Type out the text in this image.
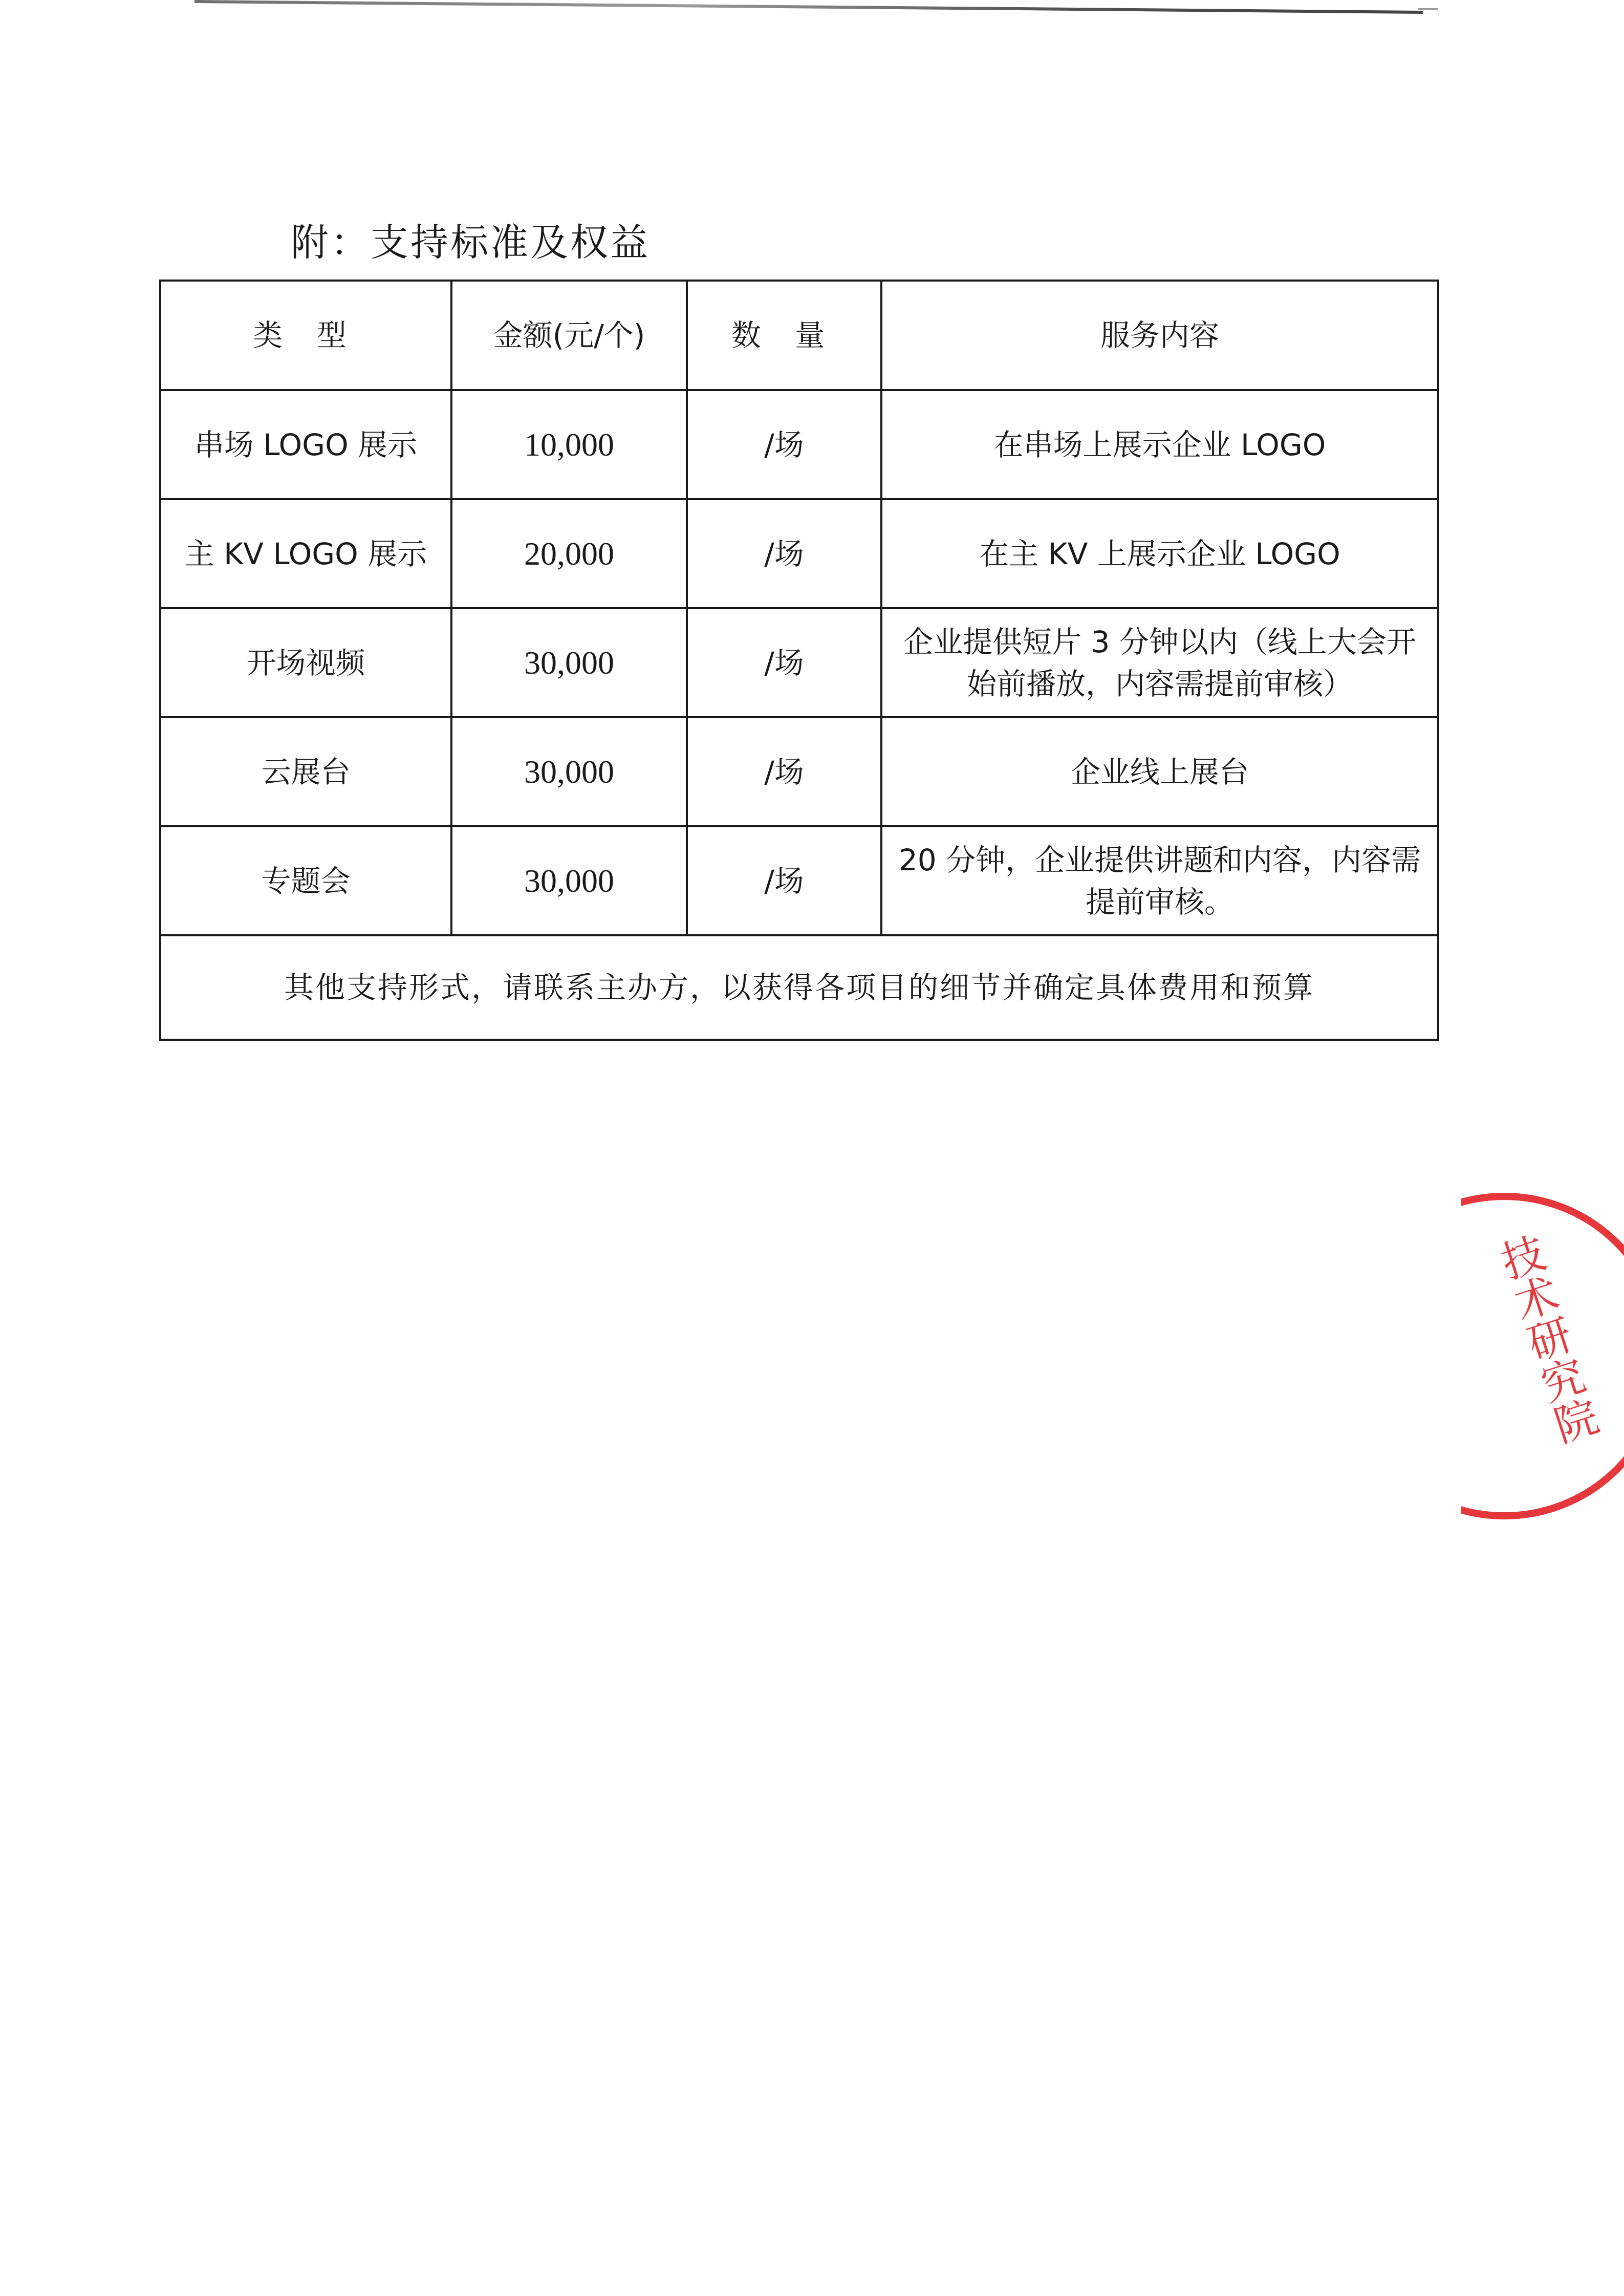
附：支持标准及权益
类 型	金额(元/个)	数 量	服务内容
串场 LOGO 展示	10,000	/场	在串场上展示企业 LOGO
主 KV LOGO 展示	20,000	/场	在主 KV 上展示企业 LOGO
开场视频	30,000	/场	企业提供短片 3 分钟以内（线上大会开始前播放，内容需提前审核）
云展台	30,000	/场	企业线上展台
专题会	30,000	/场	20 分钟，企业提供讲题和内容，内容需提前审核。
其他支持形式，请联系主办方，以获得各项目的细节并确定具体费用和预算			
技术研究院
